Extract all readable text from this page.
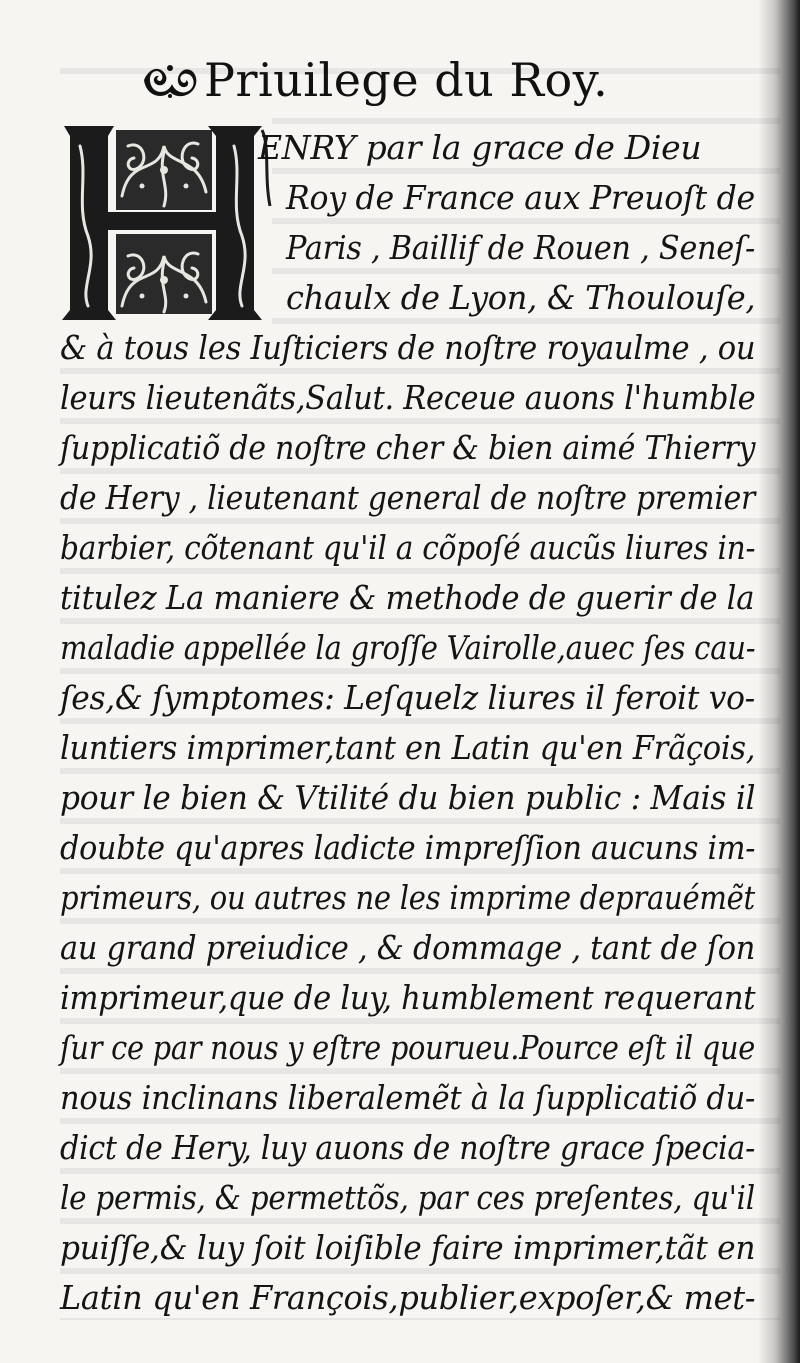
Priuilege du Roy.
ENRY par la grace de Dieu
Roy de France aux Preuoſt de
Paris , Baillif de Rouen , Seneſ-
chaulx de Lyon, & Thoulouſe,
& à tous les Iuſticiers de noſtre royaulme , ou
leurs lieutenãts,Salut. Receue auons l'humble
ſupplicatiõ de noſtre cher & bien aimé Thierry
de Hery , lieutenant general de noſtre premier
barbier, cõtenant qu'il a cõpoſé aucũs liures in-
titulez La maniere & methode de guerir de la
maladie appellée la groſſe Vairolle,auec ſes cau-
ſes,& ſymptomes: Leſquelz liures il feroit vo-
luntiers imprimer,tant en Latin qu'en Frãçois,
pour le bien & Vtilité du bien public : Mais il
doubte qu'apres ladicte impreſſion aucuns im-
primeurs, ou autres ne les imprime deprauémẽt
au grand preiudice , & dommage , tant de ſon
imprimeur,que de luy, humblement requerant
ſur ce par nous y eſtre pourueu.Pource eſt il que
nous inclinans liberalemẽt à la ſupplicatiõ du-
dict de Hery, luy auons de noſtre grace ſpecia-
le permis, & permettõs, par ces preſentes, qu'il
puiſſe,& luy ſoit loiſible faire imprimer,tãt en
Latin qu'en François,publier,expoſer,& met-
